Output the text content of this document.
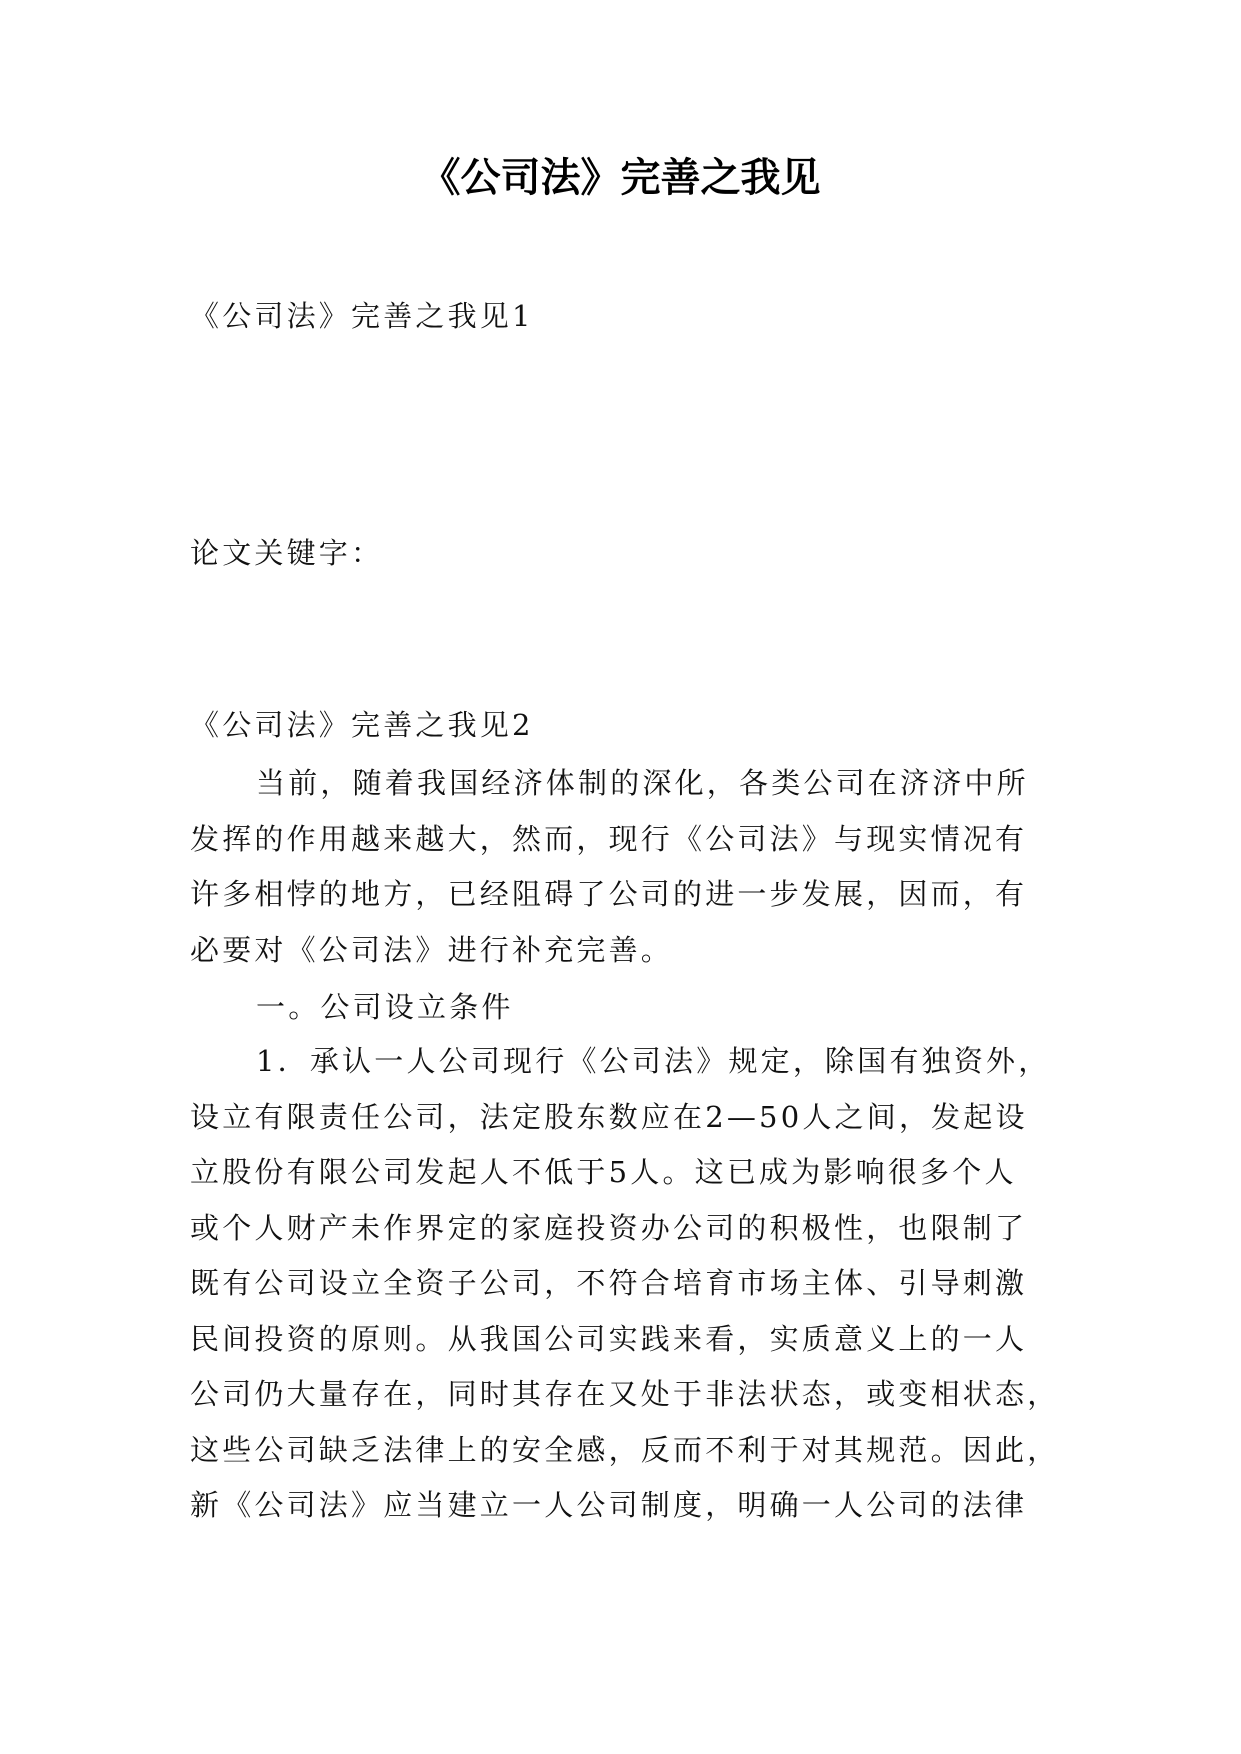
《公司法》完善之我见

《公司法》完善之我见1

论文关键字：

《公司法》完善之我见2

当前，随着我国经济体制的深化，各类公司在济济中所
发挥的作用越来越大，然而，现行《公司法》与现实情况有
许多相悖的地方，已经阻碍了公司的进一步发展，因而，有
必要对《公司法》进行补充完善。
一。公司设立条件
1．承认一人公司现行《公司法》规定，除国有独资外，
设立有限责任公司，法定股东数应在2—50人之间，发起设
立股份有限公司发起人不低于5人。这已成为影响很多个人
或个人财产未作界定的家庭投资办公司的积极性，也限制了
既有公司设立全资子公司，不符合培育市场主体、引导刺激
民间投资的原则。从我国公司实践来看，实质意义上的一人
公司仍大量存在，同时其存在又处于非法状态，或变相状态，
这些公司缺乏法律上的安全感，反而不利于对其规范。因此，
新《公司法》应当建立一人公司制度，明确一人公司的法律
